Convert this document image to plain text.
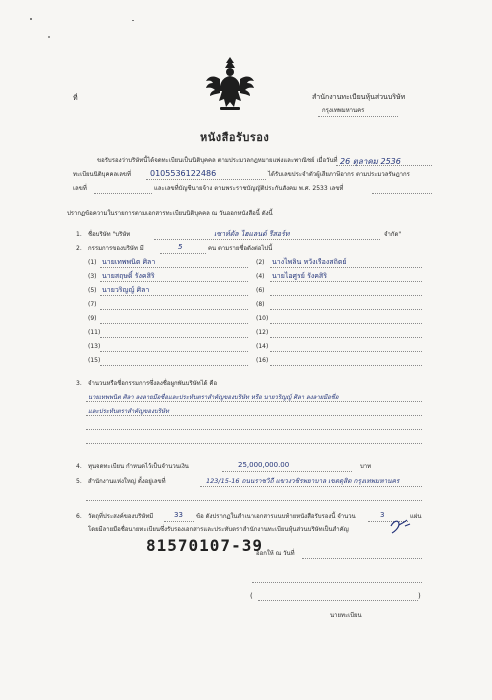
ที่	สำนักงานทะเบียนหุ้นส่วนบริษัท
กรุงเทพมหานคร
หนังสือรับรอง
ขอรับรองว่าบริษัทนี้ได้จดทะเบียนเป็นนิติบุคคล ตามประมวลกฎหมายแพ่งและพาณิชย์ เมื่อวันที่ 26 ตุลาคม 2536
ทะเบียนนิติบุคคลเลขที่ 0105536122486	ได้รับเลขประจำตัวผู้เสียภาษีอากร ตามประมวลรัษฎากร
เลขที่	และเลขที่บัญชีนายจ้าง ตามพระราชบัญญัติประกันสังคม พ.ศ. 2533 เลขที่
ปรากฏข้อความในรายการตามเอกสารทะเบียนนิติบุคคล ณ วันออกหนังสือนี้ ดังนี้
1. ชื่อบริษัท "บริษัท	เซาท์ตัล ไฮแลนด์ รีสอร์ท	จำกัด"
2. กรรมการของบริษัท มี	5	คน ตามรายชื่อดังต่อไปนี้
(1) นายเทพพนิต ศิลา	(2) นางไพลิน หวังเรืองสถิตย์
(3) นายสฤษดิ์ รังคสิริ	(4) นายไอศูรย์ รังคสิริ
(5) นายวริญญ์ ศิลา	(6)
(7)	(8)
(9)	(10)
(11)	(12)
(13)	(14)
(15)	(16)
3. จำนวนหรือชื่อกรรมการซึ่งลงชื่อผูกพันบริษัทได้ คือ
นายเทพพนิต ศิลา ลงลายมือชื่อและประทับตราสำคัญของบริษัท หรือ นายวริญญ์ ศิลา ลงลายมือชื่อ
และประทับตราสำคัญของบริษัท
4. ทุนจดทะเบียน กำหนดไว้เป็นจำนวนเงิน	25,000,000.00	บาท
5. สำนักงานแห่งใหญ่ ตั้งอยู่เลขที่	123/15-16 ถนนราชวิถี แขวงวชิรพยาบาล เขตดุสิต กรุงเทพมหานคร
6. วัตถุที่ประสงค์ของบริษัทมี	33 ข้อ ดังปรากฏในสำเนาเอกสารแนบท้ายหนังสือรับรองนี้ จำนวน	3	แผ่น
โดยมีลายมือชื่อนายทะเบียนซึ่งรับรองเอกสารและประทับตราสำนักงานทะเบียนหุ้นส่วนบริษัทเป็นสำคัญ
81570107-39
ออกให้ ณ วันที่
(	)
นายทะเบียน
